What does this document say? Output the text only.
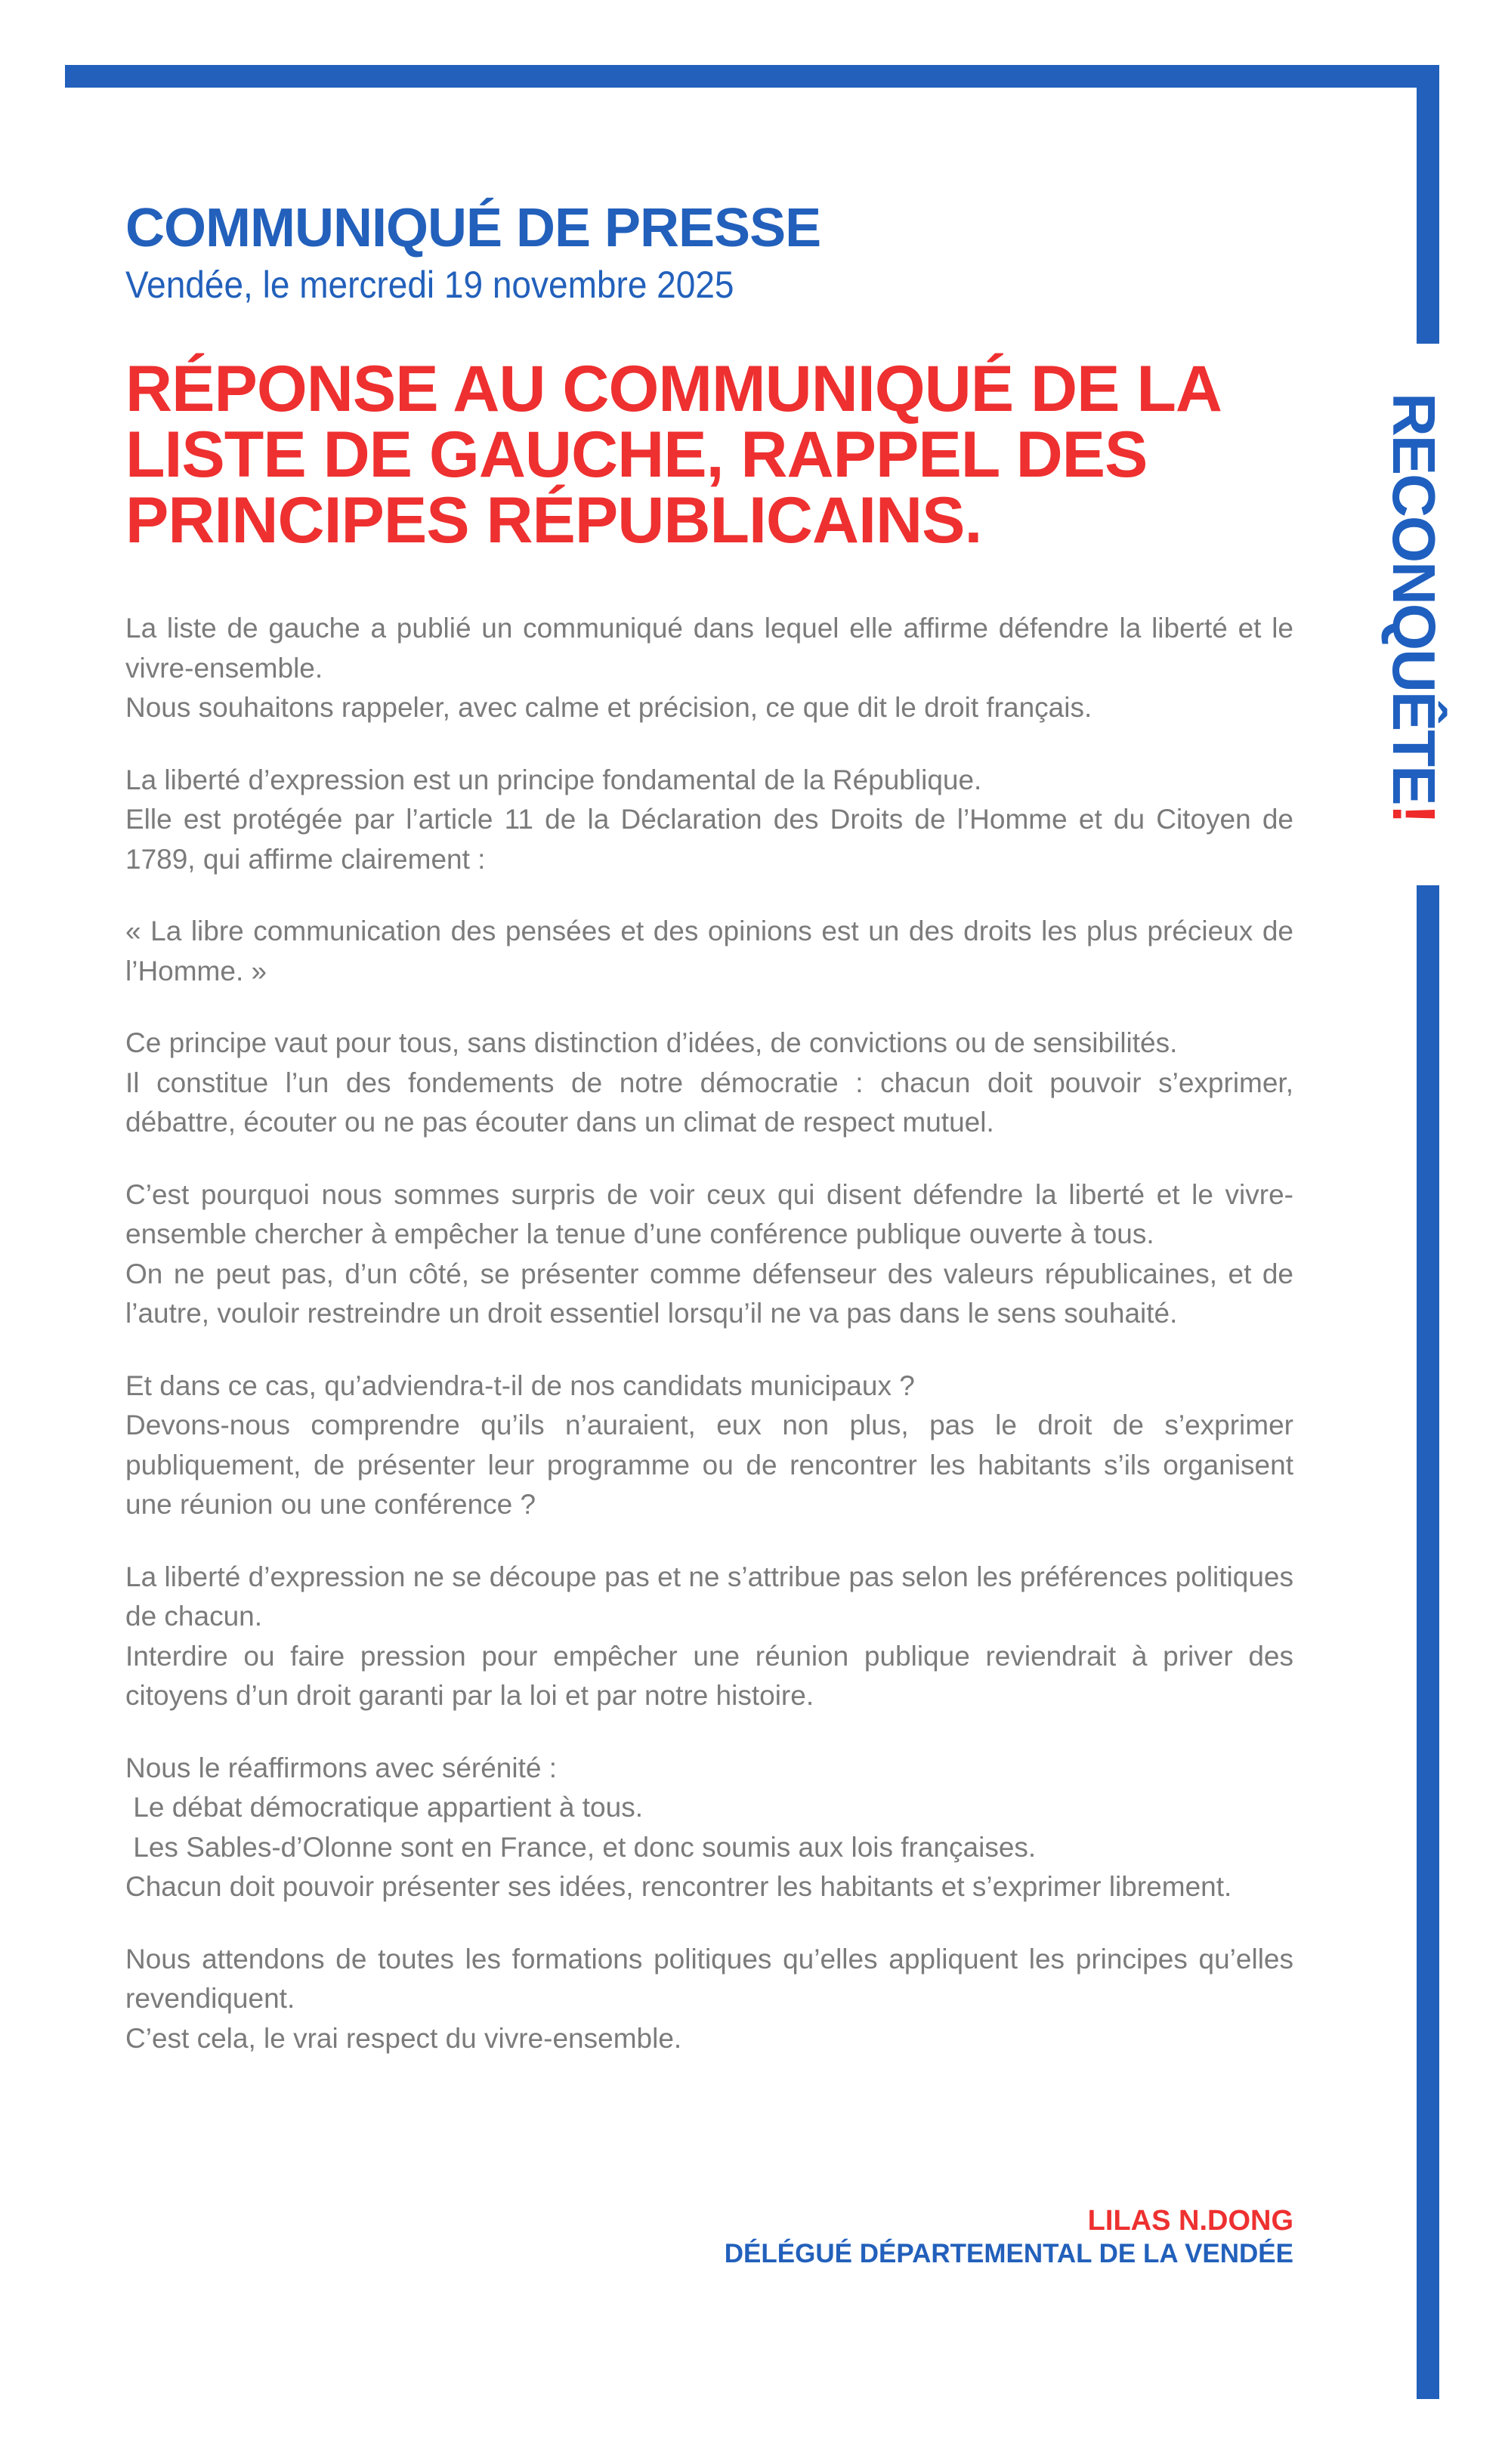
RECONQUÊTE!
COMMUNIQUÉ DE PRESSE
Vendée, le mercredi 19 novembre 2025
RÉPONSE AU COMMUNIQUÉ DE LA LISTE DE GAUCHE, RAPPEL DES PRINCIPES RÉPUBLICAINS.

La liste de gauche a publié un communiqué dans lequel elle affirme défendre la liberté et le vivre-ensemble.
Nous souhaitons rappeler, avec calme et précision, ce que dit le droit français.

La liberté d’expression est un principe fondamental de la République.
Elle est protégée par l’article 11 de la Déclaration des Droits de l’Homme et du Citoyen de 1789, qui affirme clairement :

« La libre communication des pensées et des opinions est un des droits les plus précieux de l’Homme. »

Ce principe vaut pour tous, sans distinction d’idées, de convictions ou de sensibilités.
Il constitue l’un des fondements de notre démocratie : chacun doit pouvoir s’exprimer, débattre, écouter ou ne pas écouter dans un climat de respect mutuel.

C’est pourquoi nous sommes surpris de voir ceux qui disent défendre la liberté et le vivre-ensemble chercher à empêcher la tenue d’une conférence publique ouverte à tous.
On ne peut pas, d’un côté, se présenter comme défenseur des valeurs républicaines, et de l’autre, vouloir restreindre un droit essentiel lorsqu’il ne va pas dans le sens souhaité.

Et dans ce cas, qu’adviendra-t-il de nos candidats municipaux ?
Devons-nous comprendre qu’ils n’auraient, eux non plus, pas le droit de s’exprimer publiquement, de présenter leur programme ou de rencontrer les habitants s’ils organisent une réunion ou une conférence ?

La liberté d’expression ne se découpe pas et ne s’attribue pas selon les préférences politiques de chacun.
Interdire ou faire pression pour empêcher une réunion publique reviendrait à priver des citoyens d’un droit garanti par la loi et par notre histoire.

Nous le réaffirmons avec sérénité :
Le débat démocratique appartient à tous.
Les Sables-d’Olonne sont en France, et donc soumis aux lois françaises.
Chacun doit pouvoir présenter ses idées, rencontrer les habitants et s’exprimer librement.

Nous attendons de toutes les formations politiques qu’elles appliquent les principes qu’elles revendiquent.
C’est cela, le vrai respect du vivre-ensemble.

LILAS N.DONG
DÉLÉGUÉ DÉPARTEMENTAL DE LA VENDÉE
